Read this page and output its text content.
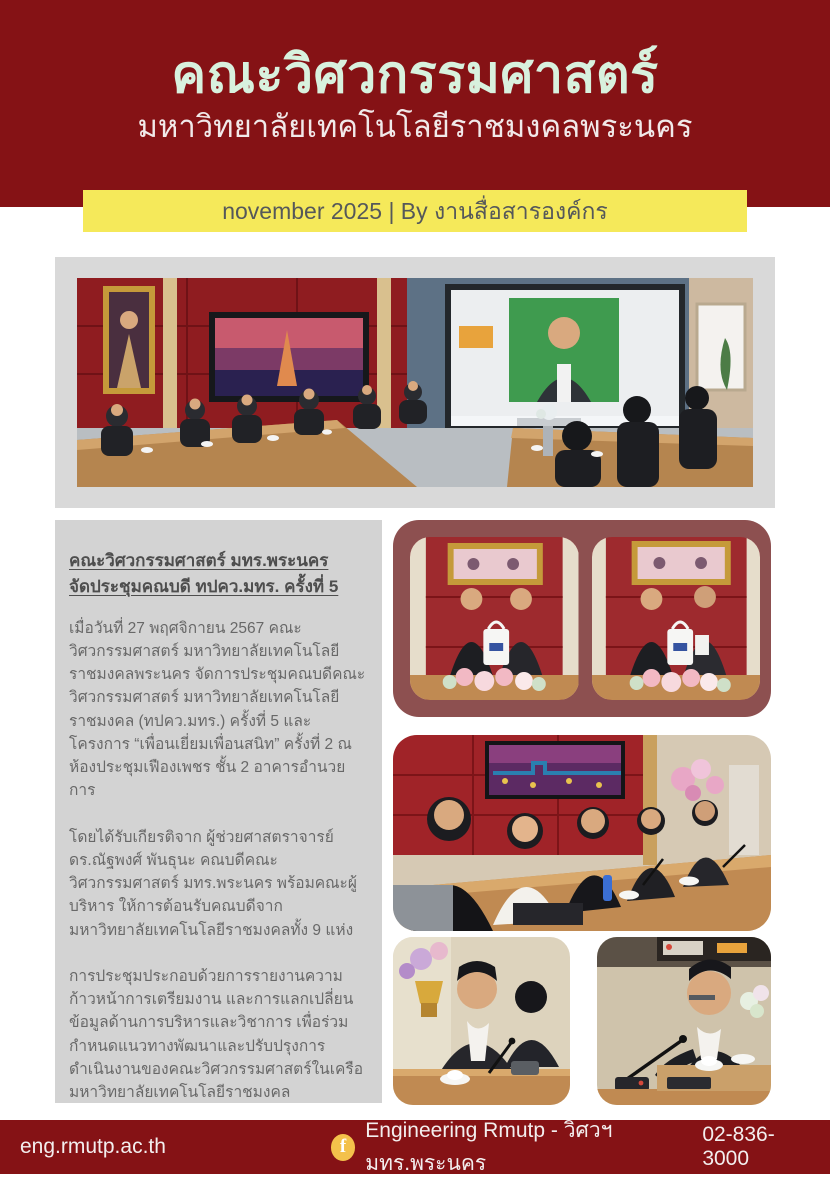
คณะวิศวกรรมศาสตร์
มหาวิทยาลัยเทคโนโลยีราชมงคลพระนคร
november 2025 | By งานสื่อสารองค์กร
คณะวิศวกรรมศาสตร์ มทร.พระนคร
จัดประชุมคณบดี ทปคว.มทร. ครั้งที่ 5
เมื่อวันที่ 27 พฤศจิกายน 2567 คณะวิศวกรรมศาสตร์ มหาวิทยาลัยเทคโนโลยีราชมงคลพระนคร จัดการประชุมคณบดีคณะวิศวกรรมศาสตร์ มหาวิทยาลัยเทคโนโลยีราชมงคล (ทปคว.มทร.) ครั้งที่ 5 และโครงการ “เพื่อนเยี่ยมเพื่อนสนิท” ครั้งที่ 2 ณ ห้องประชุมเฟืองเพชร ชั้น 2 อาคารอำนวยการ
โดยได้รับเกียรติจาก ผู้ช่วยศาสตราจารย์ ดร.ณัฐพงศ์ พันธุนะ คณบดีคณะวิศวกรรมศาสตร์ มทร.พระนคร พร้อมคณะผู้บริหาร ให้การต้อนรับคณบดีจากมหาวิทยาลัยเทคโนโลยีราชมงคลทั้ง 9 แห่ง
การประชุมประกอบด้วยการรายงานความก้าวหน้าการเตรียมงาน และการแลกเปลี่ยนข้อมูลด้านการบริหารและวิชาการ เพื่อร่วมกำหนดแนวทางพัฒนาและปรับปรุงการดำเนินงานของคณะวิศวกรรมศาสตร์ในเครือมหาวิทยาลัยเทคโนโลยีราชมงคล
eng.rmutp.ac.th	f
Engineering Rmutp - วิศวฯ มทร.พระนคร
02-836-3000
